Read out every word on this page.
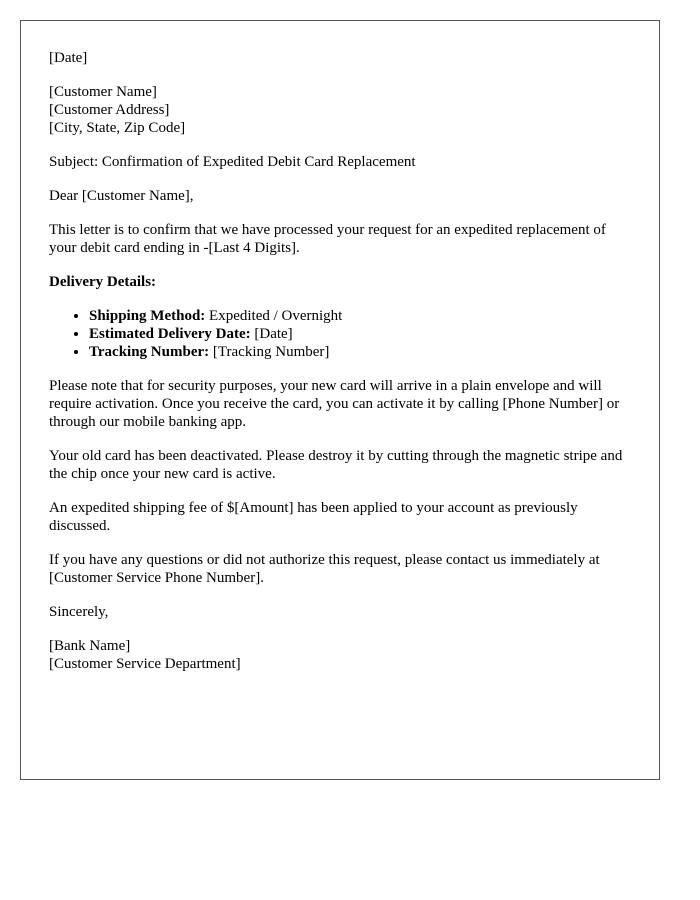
[Date]

[Customer Name]
[Customer Address]
[City, State, Zip Code]

Subject: Confirmation of Expedited Debit Card Replacement

Dear [Customer Name],

This letter is to confirm that we have processed your request for an expedited replacement of your debit card ending in -[Last 4 Digits].

Delivery Details:

• Shipping Method: Expedited / Overnight
• Estimated Delivery Date: [Date]
• Tracking Number: [Tracking Number]

Please note that for security purposes, your new card will arrive in a plain envelope and will require activation. Once you receive the card, you can activate it by calling [Phone Number] or through our mobile banking app.

Your old card has been deactivated. Please destroy it by cutting through the magnetic stripe and the chip once your new card is active.

An expedited shipping fee of $[Amount] has been applied to your account as previously discussed.

If you have any questions or did not authorize this request, please contact us immediately at [Customer Service Phone Number].

Sincerely,

[Bank Name]
[Customer Service Department]
